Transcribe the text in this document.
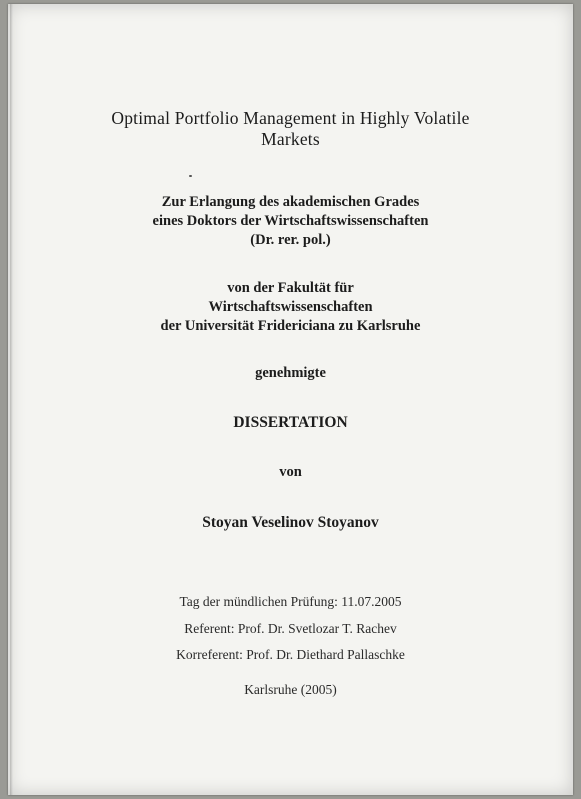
Optimal Portfolio Management in Highly Volatile
Markets
Zur Erlangung des akademischen Grades
eines Doktors der Wirtschaftswissenschaften
(Dr. rer. pol.)
von der Fakultät für
Wirtschaftswissenschaften
der Universität Fridericiana zu Karlsruhe
genehmigte
DISSERTATION
von
Stoyan Veselinov Stoyanov
Tag der mündlichen Prüfung: 11.07.2005
Referent: Prof. Dr. Svetlozar T. Rachev
Korreferent: Prof. Dr. Diethard Pallaschke
Karlsruhe (2005)
